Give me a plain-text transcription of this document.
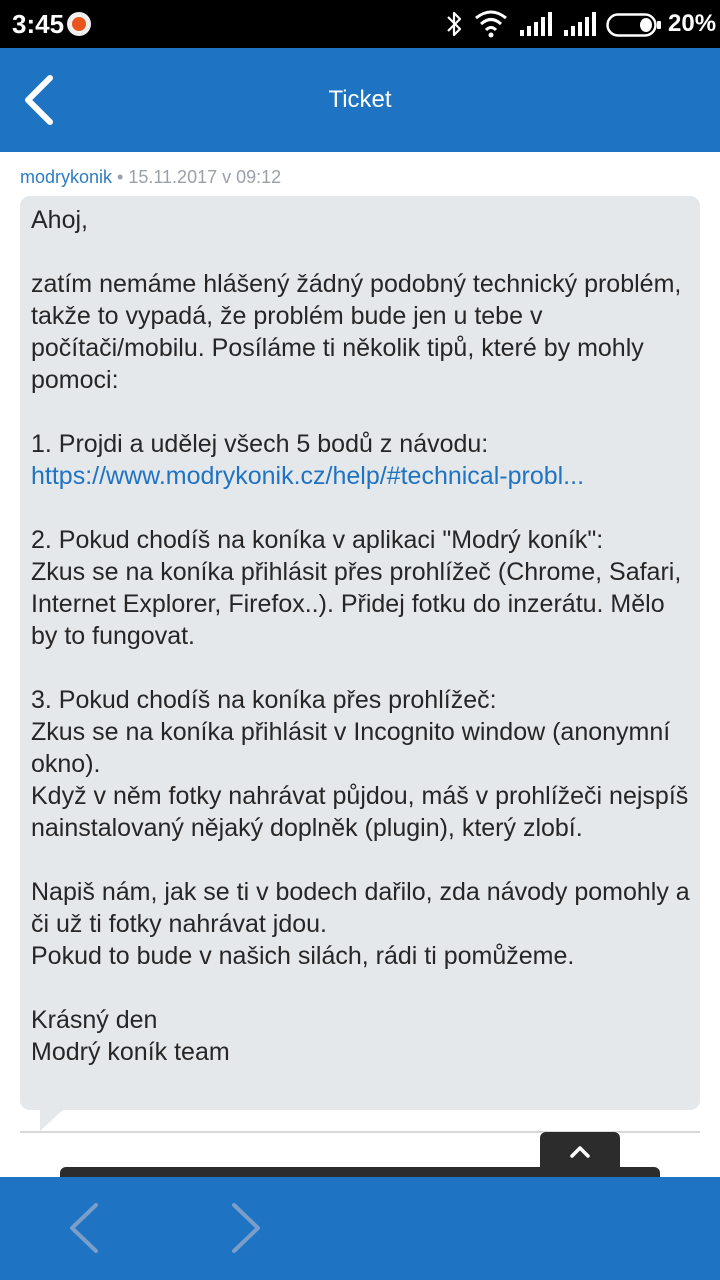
3:45	20%
Ticket
modrykonik • 15.11.2017 v 09:12

Ahoj,

zatím nemáme hlášený žádný podobný technický problém, takže to vypadá, že problém bude jen u tebe v počítači/mobilu. Posíláme ti několik tipů, které by mohly pomoci:

1. Projdi a udělej všech 5 bodů z návodu:

https://www.modrykonik.cz/help/#technical-probl...

2. Pokud chodíš na koníka v aplikaci "Modrý koník":

Zkus se na koníka přihlásit přes prohlížeč (Chrome, Safari, Internet Explorer, Firefox..). Přidej fotku do inzerátu. Mělo by to fungovat.

3. Pokud chodíš na koníka přes prohlížeč:

Zkus se na koníka přihlásit v Incognito window (anonymní okno).

Když v něm fotky nahrávat půjdou, máš v prohlížeči nejspíš nainstalovaný nějaký doplněk (plugin), který zlobí.

Napiš nám, jak se ti v bodech dařilo, zda návody pomohly a či už ti fotky nahrávat jdou.

Pokud to bude v našich silách, rádi ti pomůžeme.

Krásný den

Modrý koník team
